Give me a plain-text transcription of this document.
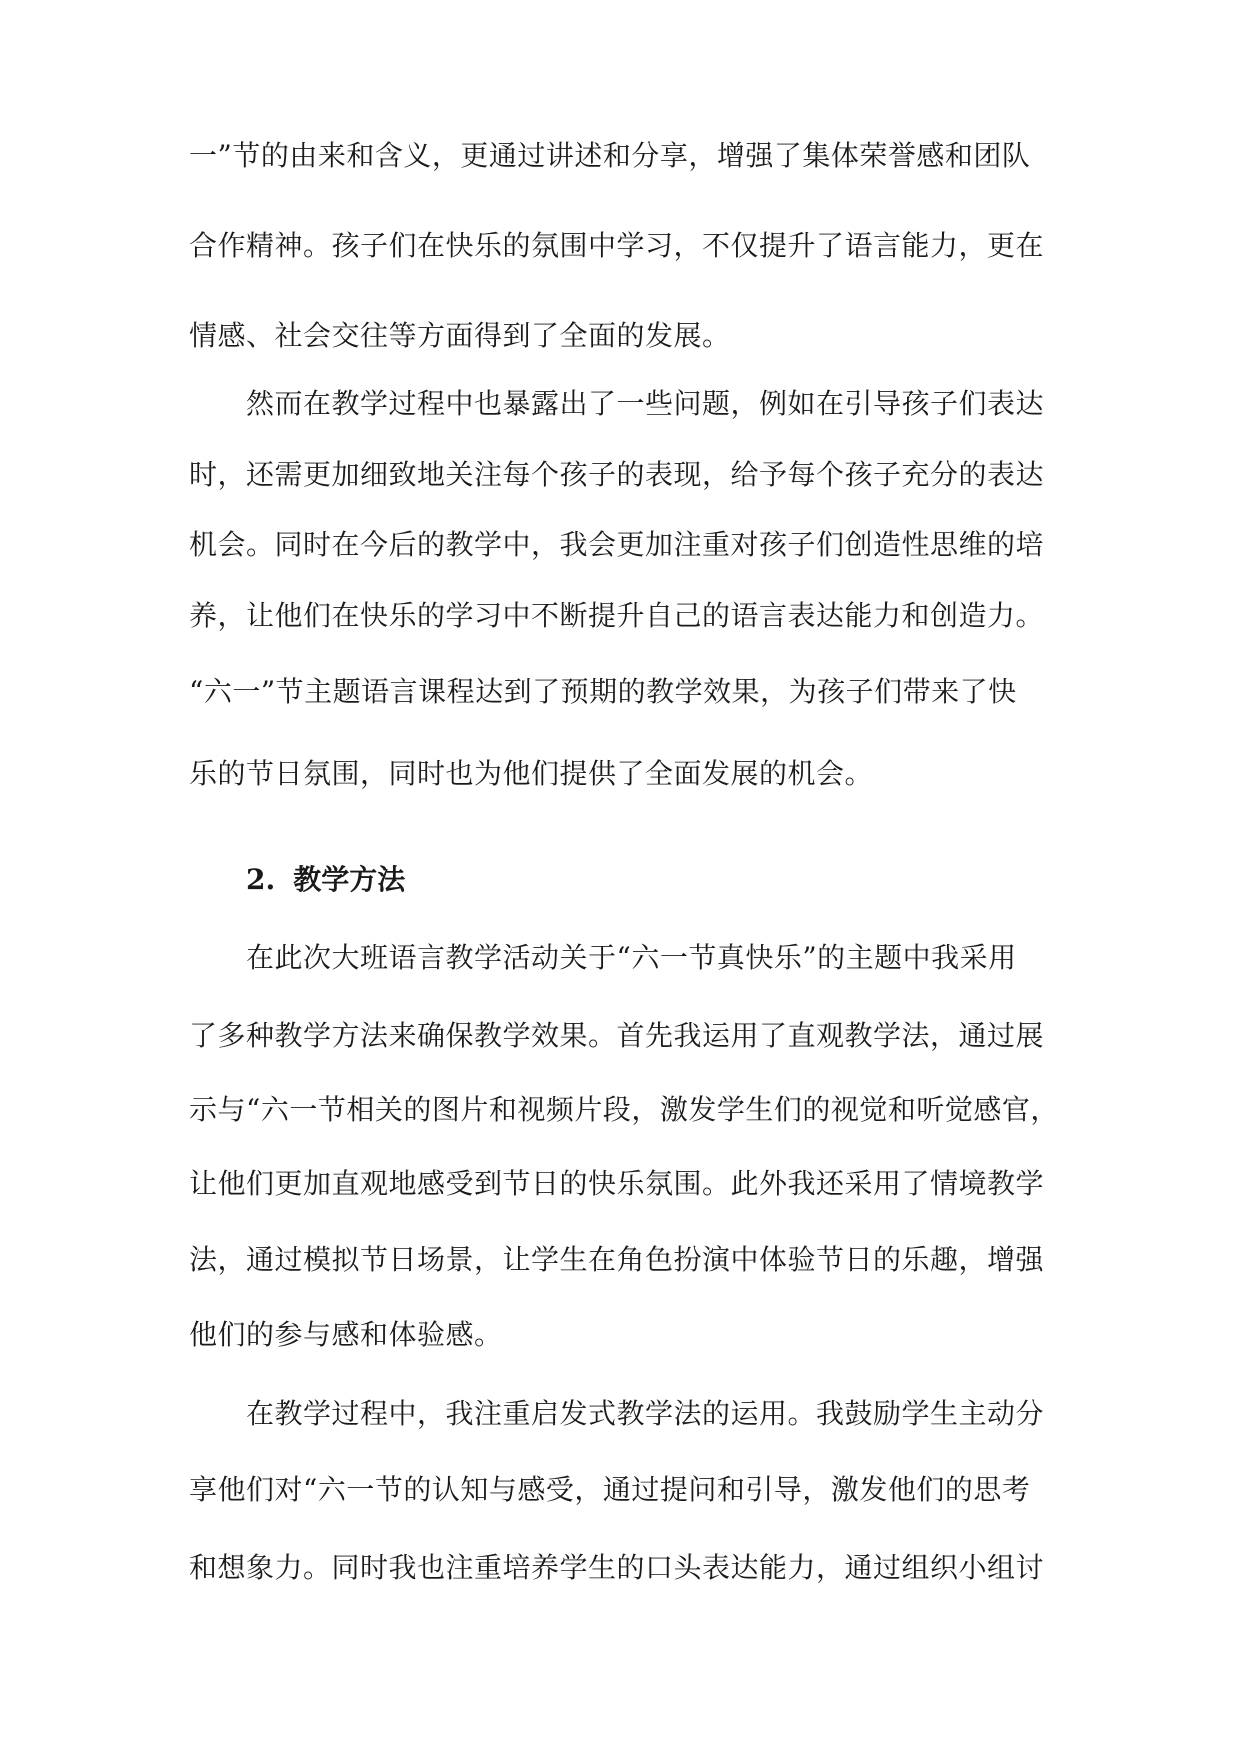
一”节的由来和含义，更通过讲述和分享，增强了集体荣誉感和团队
合作精神。孩子们在快乐的氛围中学习，不仅提升了语言能力，更在
情感、社会交往等方面得到了全面的发展。
然而在教学过程中也暴露出了一些问题，例如在引导孩子们表达
时，还需更加细致地关注每个孩子的表现，给予每个孩子充分的表达
机会。同时在今后的教学中，我会更加注重对孩子们创造性思维的培
养，让他们在快乐的学习中不断提升自己的语言表达能力和创造力。
“六一”节主题语言课程达到了预期的教学效果，为孩子们带来了快
乐的节日氛围，同时也为他们提供了全面发展的机会。
2. 教学方法
在此次大班语言教学活动关于“六一节真快乐”的主题中我采用
了多种教学方法来确保教学效果。首先我运用了直观教学法，通过展
示与“六一节相关的图片和视频片段，激发学生们的视觉和听觉感官，
让他们更加直观地感受到节日的快乐氛围。此外我还采用了情境教学
法，通过模拟节日场景，让学生在角色扮演中体验节日的乐趣，增强
他们的参与感和体验感。
在教学过程中，我注重启发式教学法的运用。我鼓励学生主动分
享他们对“六一节的认知与感受，通过提问和引导，激发他们的思考
和想象力。同时我也注重培养学生的口头表达能力，通过组织小组讨
